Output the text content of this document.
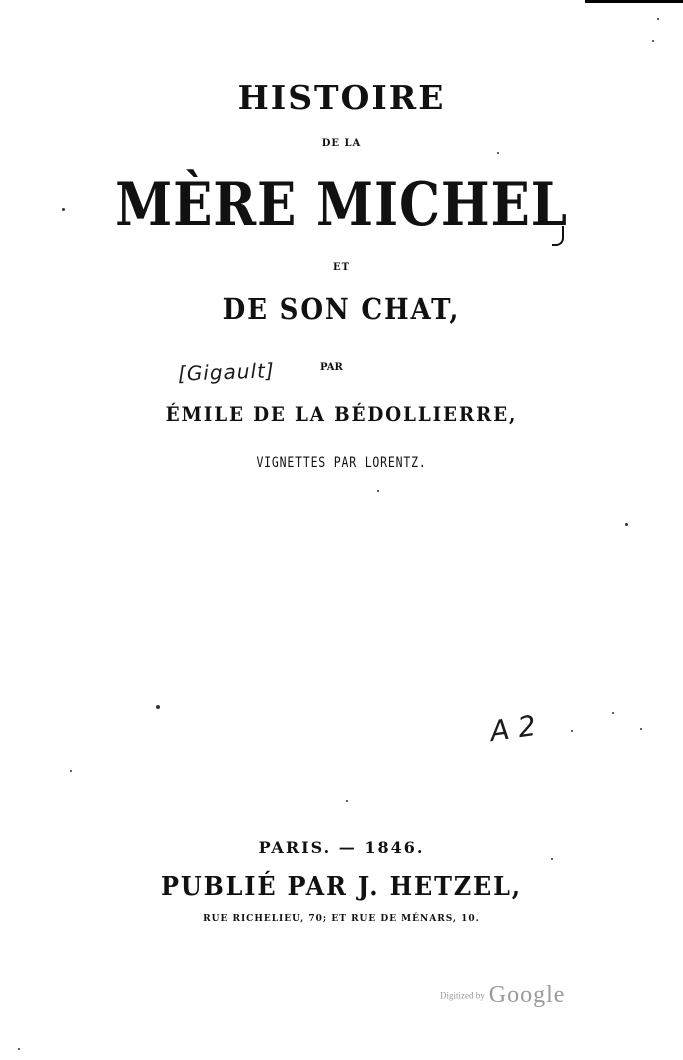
HISTOIRE
DE LA
MÈRE MICHEL
ET
DE SON CHAT,
PAR
[Gigault]
ÉMILE DE LA BÉDOLLIERRE,
VIGNETTES PAR LORENTZ.
A 2
PARIS. — 1846.
PUBLIÉ PAR J. HETZEL,
RUE RICHELIEU, 70; ET RUE DE MÉNARS, 10.
Digitized by Google
